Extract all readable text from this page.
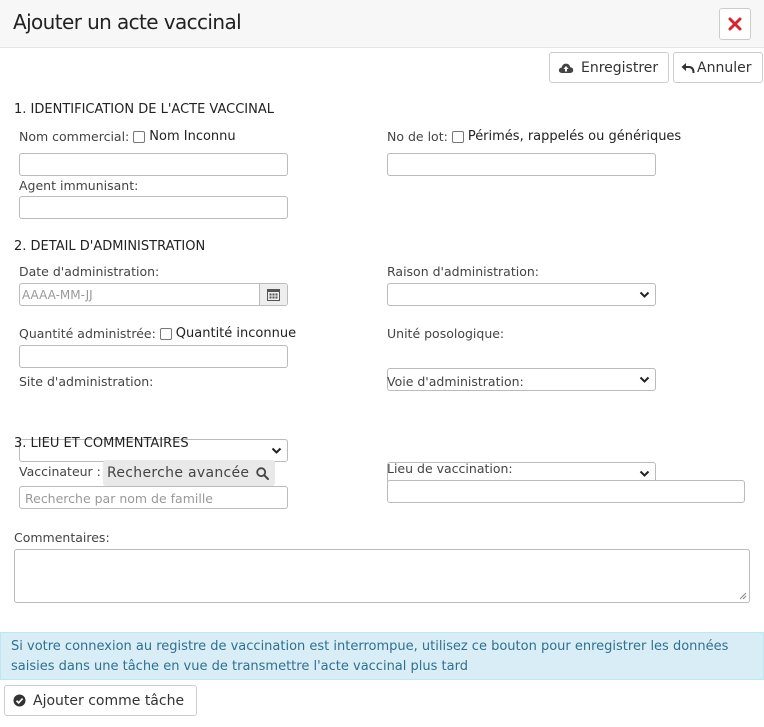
Ajouter un acte vaccinal
Enregistrer	Annuler
1. IDENTIFICATION DE L'ACTE VACCINAL
Nom commercial: Nom Inconnu	No de lot: Périmés, rappelés ou génériques
Agent immunisant:
2. DETAIL D'ADMINISTRATION
Date d'administration:
AAAA-MM-JJ
Raison d'administration:
Quantité administrée: Quantité inconnue	Unité posologique:
Site d'administration:	Voie d'administration:
3. LIEU ET COMMENTAIRES
Vaccinateur : Recherche avancée
Recherche par nom de famille
Lieu de vaccination:
Commentaires:
Si votre connexion au registre de vaccination est interrompue, utilisez ce bouton pour enregistrer les données saisies dans une tâche en vue de transmettre l'acte vaccinal plus tard
Ajouter comme tâche
